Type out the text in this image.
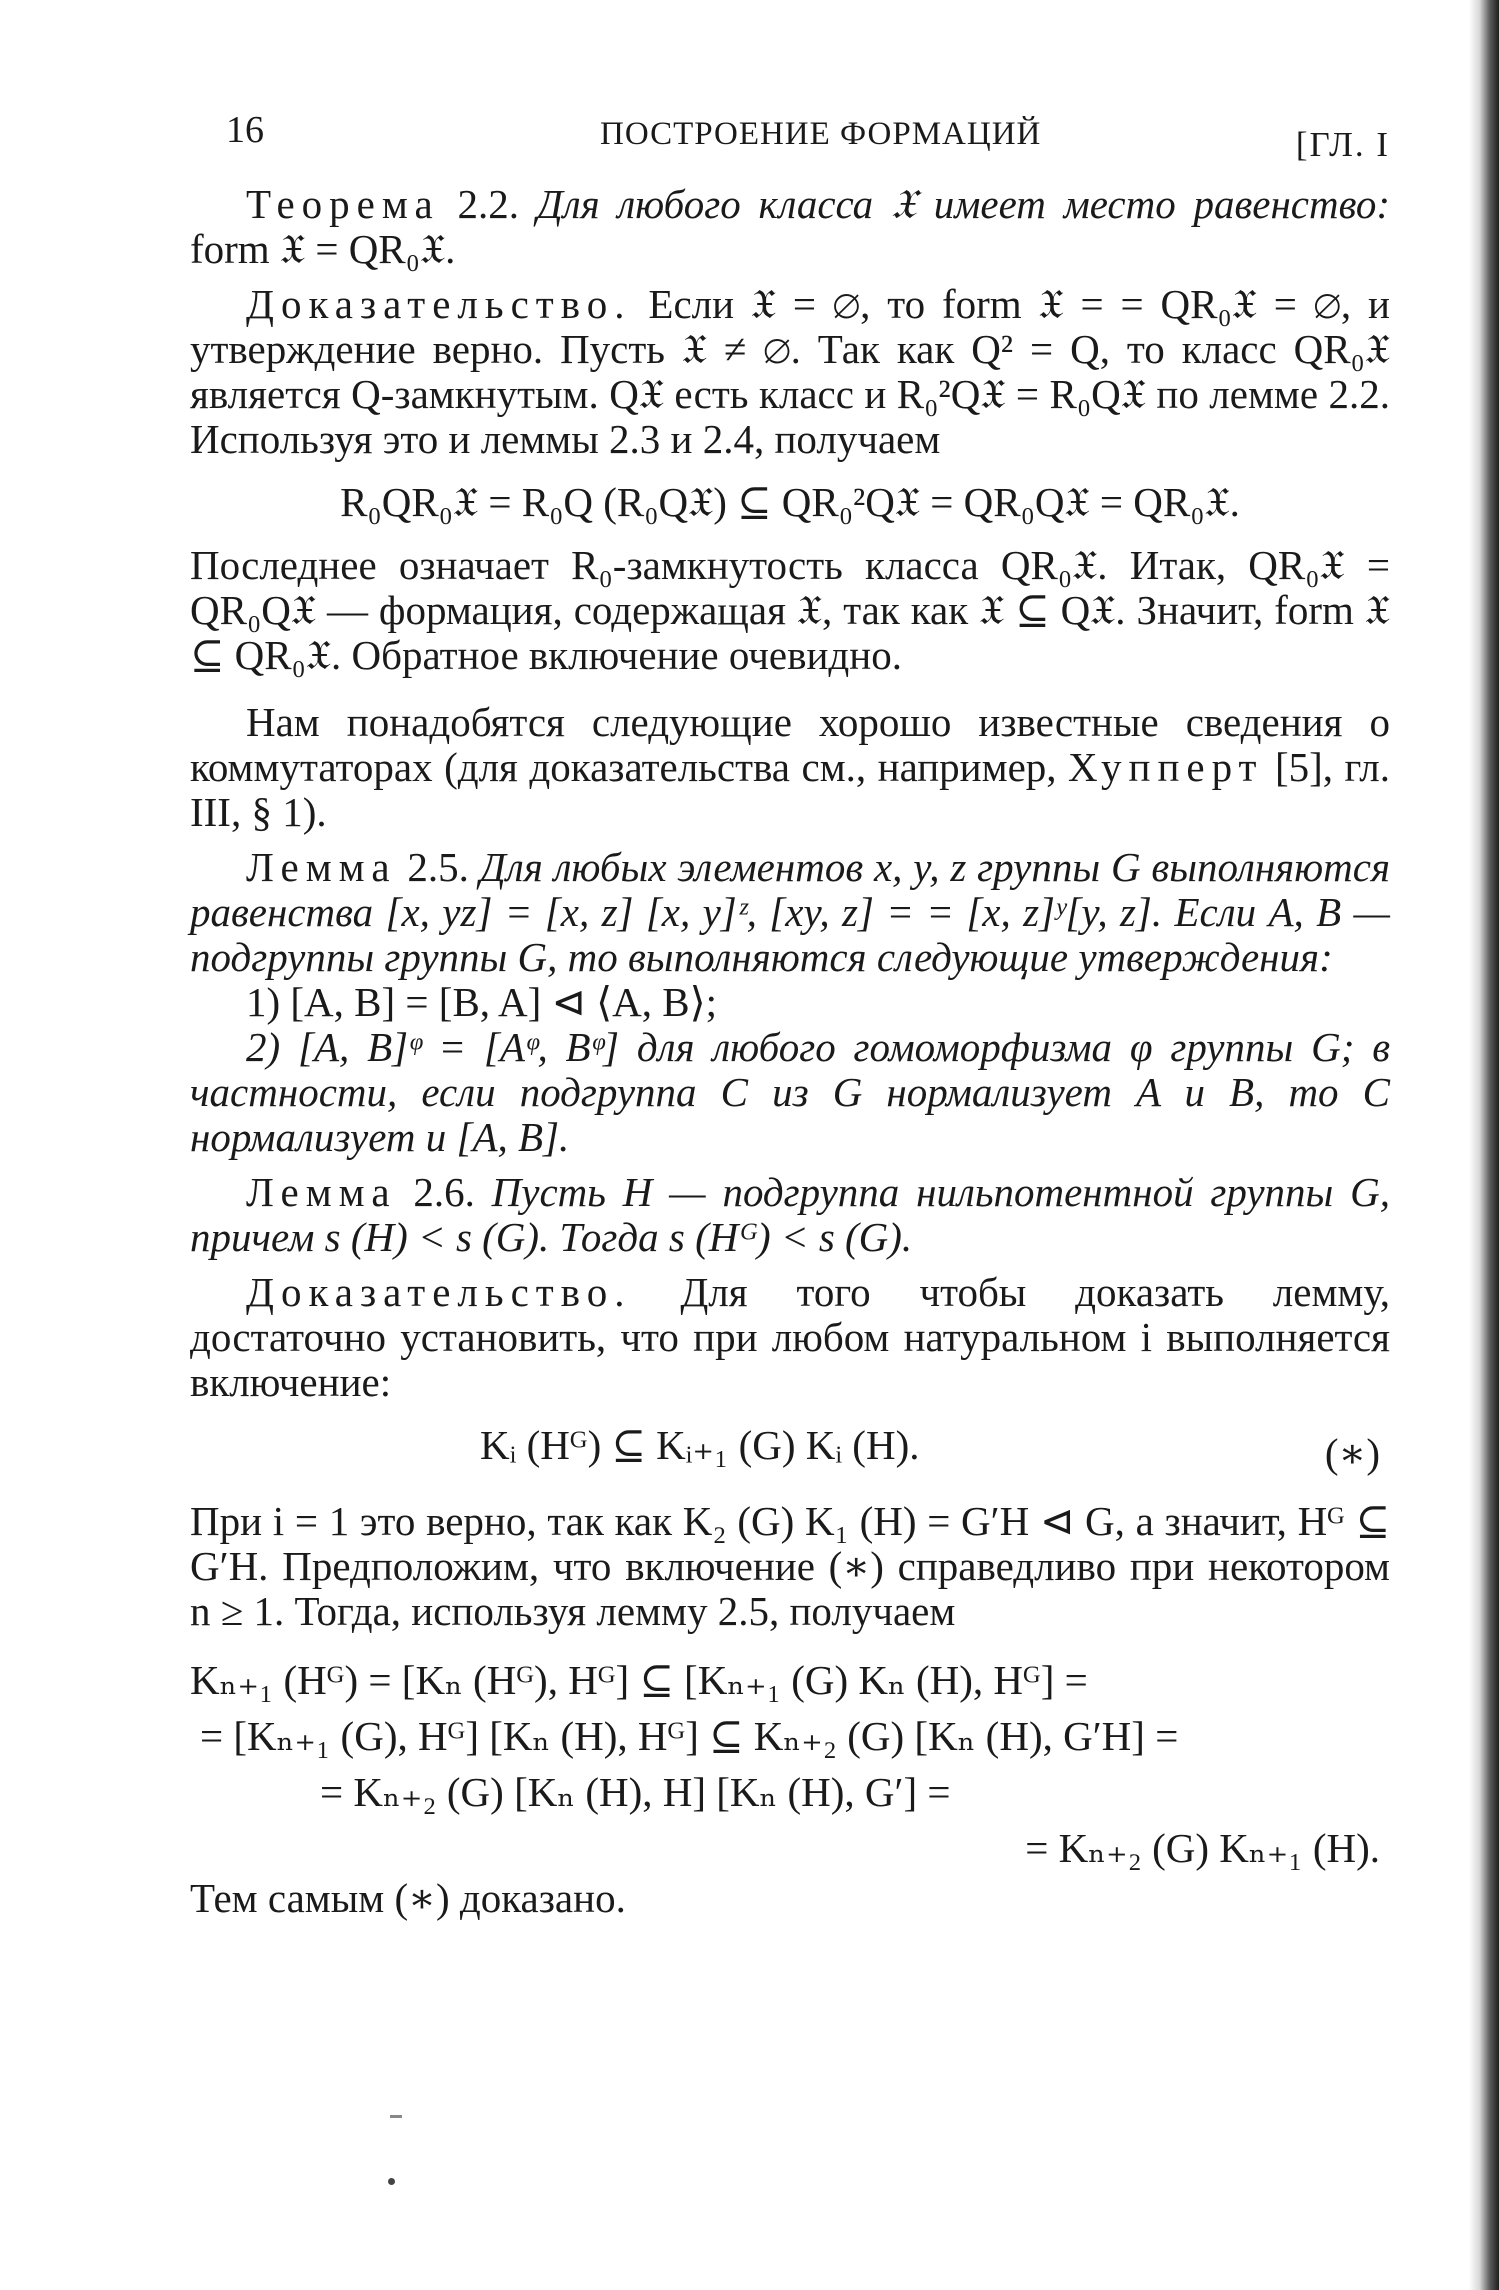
16	ПОСТРОЕНИЕ ФОРМАЦИЙ	[ГЛ. I

Теорема 2.2. Для любого класса 𝔛 имеет место равенство: form 𝔛 = QR₀𝔛.

Доказательство. Если 𝔛 = ∅, то form 𝔛 = = QR₀𝔛 = ∅, и утверждение верно. Пусть 𝔛 ≠ ∅. Так как Q² = Q, то класс QR₀𝔛 является Q-замкнутым. Q𝔛 есть класс и R₀²Q𝔛 = R₀Q𝔛 по лемме 2.2. Используя это и леммы 2.3 и 2.4, получаем

R₀QR₀𝔛 = R₀Q (R₀Q𝔛) ⊆ QR₀²Q𝔛 = QR₀Q𝔛 = QR₀𝔛.

Последнее означает R₀-замкнутость класса QR₀𝔛. Итак, QR₀𝔛 = QR₀Q𝔛 — формация, содержащая 𝔛, так как 𝔛 ⊆ Q𝔛. Значит, form 𝔛 ⊆ QR₀𝔛. Обратное включение очевидно.

Нам понадобятся следующие хорошо известные сведения о коммутаторах (для доказательства см., например, Хупперт [5], гл. III, § 1).

Лемма 2.5. Для любых элементов x, y, z группы G выполняются равенства [x, yz] = [x, z] [x, y]ᶻ, [xy, z] = = [x, z]ʸ[y, z]. Если A, B — подгруппы группы G, то выполняются следующие утверждения:

1) [A, B] = [B, A] ⊲ ⟨A, B⟩;

2) [A, B]ᵠ = [Aᵠ, Bᵠ] для любого гомоморфизма φ группы G; в частности, если подгруппа C из G нормализует A и B, то C нормализует и [A, B].

Лемма 2.6. Пусть H — подгруппа нильпотентной группы G, причем s (H) < s (G). Тогда s (Hᴳ) < s (G).

Доказательство. Для того чтобы доказать лемму, достаточно установить, что при любом натуральном i выполняется включение:

Kᵢ (Hᴳ) ⊆ Kᵢ₊₁ (G) Kᵢ (H).	(∗)

При i = 1 это верно, так как K₂ (G) K₁ (H) = G′H ⊲ G, а значит, Hᴳ ⊆ G′H. Предположим, что включение (∗) справедливо при некотором n ≥ 1. Тогда, используя лемму 2.5, получаем

Kₙ₊₁ (Hᴳ) = [Kₙ (Hᴳ), Hᴳ] ⊆ [Kₙ₊₁ (G) Kₙ (H), Hᴳ] =
= [Kₙ₊₁ (G), Hᴳ] [Kₙ (H), Hᴳ] ⊆ Kₙ₊₂ (G) [Kₙ (H), G′H] =
= Kₙ₊₂ (G) [Kₙ (H), H] [Kₙ (H), G′] =
= Kₙ₊₂ (G) Kₙ₊₁ (H).

Тем самым (∗) доказано.
